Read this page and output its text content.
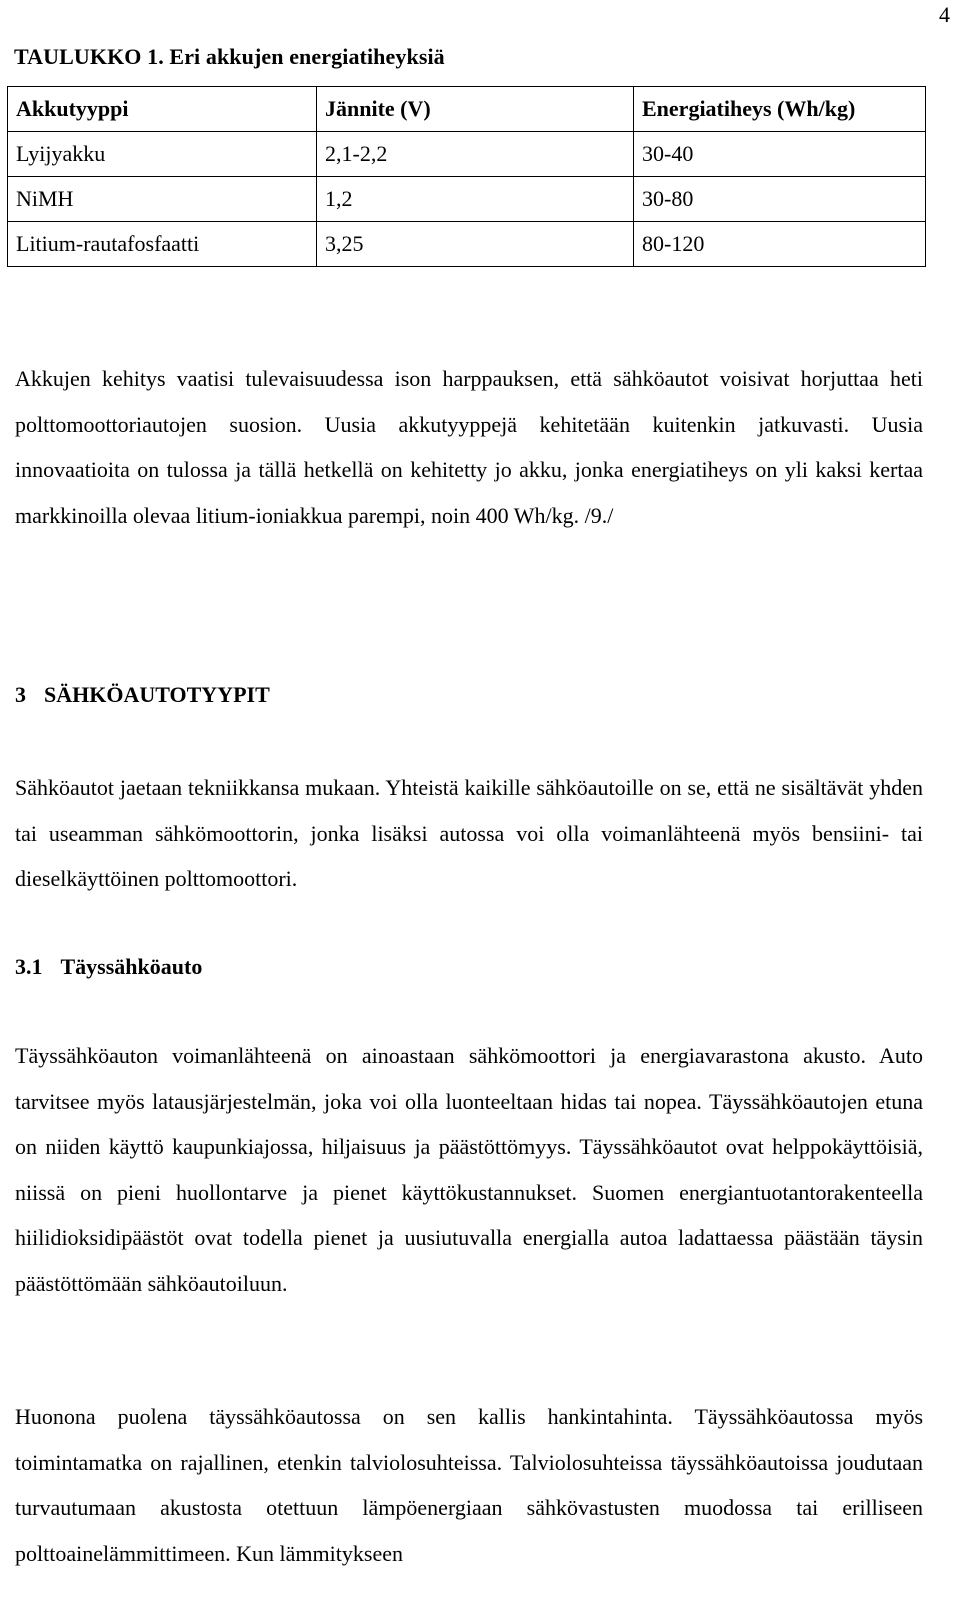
4
TAULUKKO 1. Eri akkujen energiatiheyksiä
Akkutyyppi	Jännite (V)	Energiatiheys (Wh/kg)
Lyijyakku	2,1-2,2	30-40
NiMH	1,2	30-80
Litium-rautafosfaatti	3,25	80-120

Akkujen kehitys vaatisi tulevaisuudessa ison harppauksen, että sähköautot voisivat horjuttaa heti polttomoottoriautojen suosion. Uusia akkutyyppejä kehitetään kuitenkin jatkuvasti. Uusia innovaatioita on tulossa ja tällä hetkellä on kehitetty jo akku, jonka energiatiheys on yli kaksi kertaa markkinoilla olevaa litium-ioniakkua parempi, noin 400 Wh/kg. /9./

3 SÄHKÖAUTOTYYPIT

Sähköautot jaetaan tekniikkansa mukaan. Yhteistä kaikille sähköautoille on se, että ne sisältävät yhden tai useamman sähkömoottorin, jonka lisäksi autossa voi olla voimanlähteenä myös bensiini- tai dieselkäyttöinen polttomoottori.

3.1 Täyssähköauto

Täyssähköauton voimanlähteenä on ainoastaan sähkömoottori ja energiavarastona akusto. Auto tarvitsee myös latausjärjestelmän, joka voi olla luonteeltaan hidas tai nopea. Täyssähköautojen etuna on niiden käyttö kaupunkiajossa, hiljaisuus ja päästöttömyys. Täyssähköautot ovat helppokäyttöisiä, niissä on pieni huollontarve ja pienet käyttökustannukset. Suomen energiantuotantorakenteella hiilidioksidipäästöt ovat todella pienet ja uusiutuvalla energialla autoa ladattaessa päästään täysin päästöttömään sähköautoiluun.

Huonona puolena täyssähköautossa on sen kallis hankintahinta. Täyssähköautossa myös toimintamatka on rajallinen, etenkin talviolosuhteissa. Talviolosuhteissa täyssähköautoissa joudutaan turvautumaan akustosta otettuun lämpöenergiaan sähkövastusten muodossa tai erilliseen polttoainelämmittimeen. Kun lämmitykseen
